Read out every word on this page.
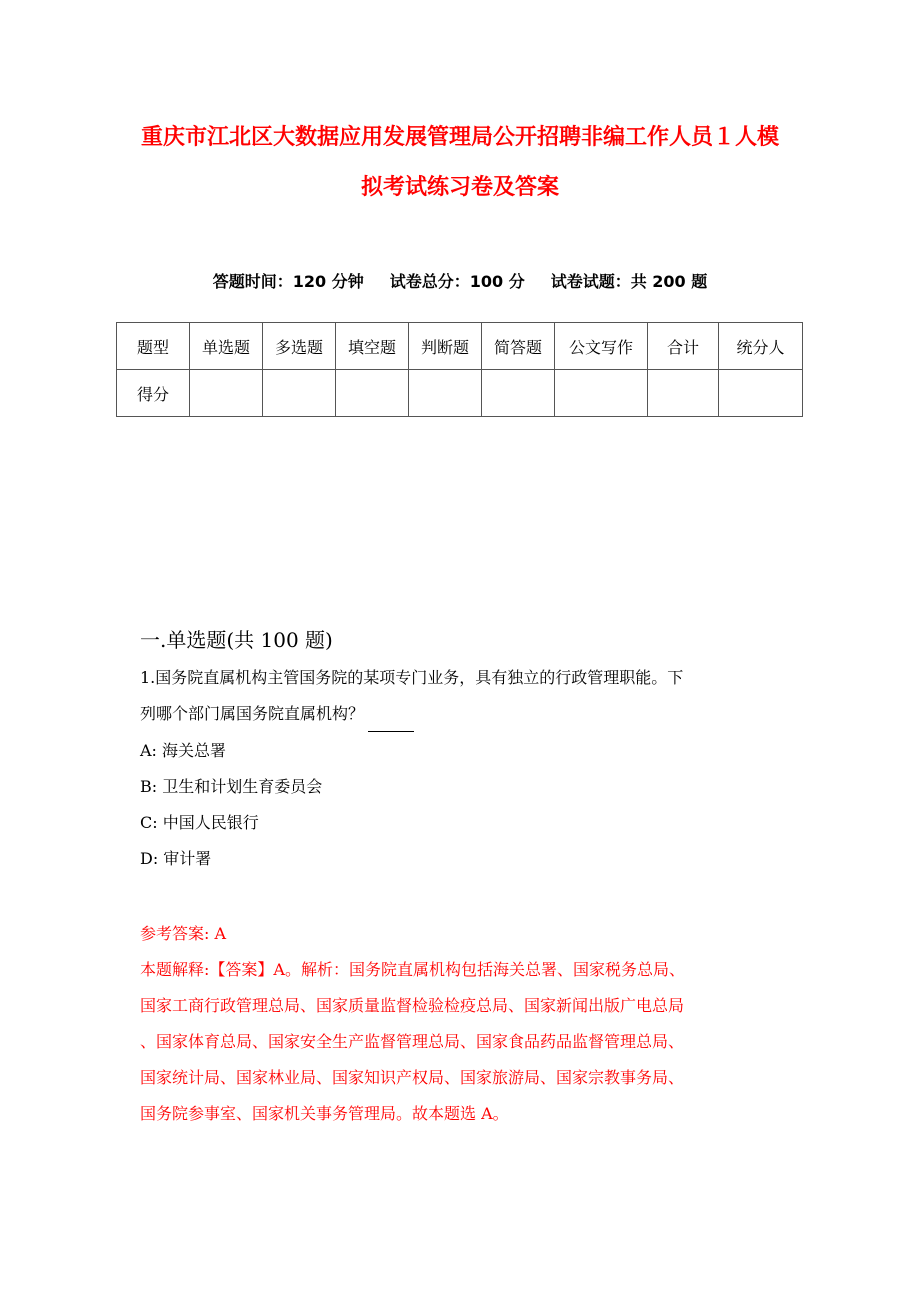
重庆市江北区大数据应用发展管理局公开招聘非编工作人员１人模
拟考试练习卷及答案
答题时间：120 分钟 试卷总分：100 分 试卷试题：共 200 题
题型	单选题	多选题	填空题	判断题	简答题	公文写作	合计	统分人
得分								
一.单选题(共 100 题)
1.国务院直属机构主管国务院的某项专门业务，具有独立的行政管理职能。下
列哪个部门属国务院直属机构？
A: 海关总署
B: 卫生和计划生育委员会
C: 中国人民银行
D: 审计署
参考答案: A
本题解释:【答案】A。解析：国务院直属机构包括海关总署、国家税务总局、
国家工商行政管理总局、国家质量监督检验检疫总局、国家新闻出版广电总局
、国家体育总局、国家安全生产监督管理总局、国家食品药品监督管理总局、
国家统计局、国家林业局、国家知识产权局、国家旅游局、国家宗教事务局、
国务院参事室、国家机关事务管理局。故本题选 A。
